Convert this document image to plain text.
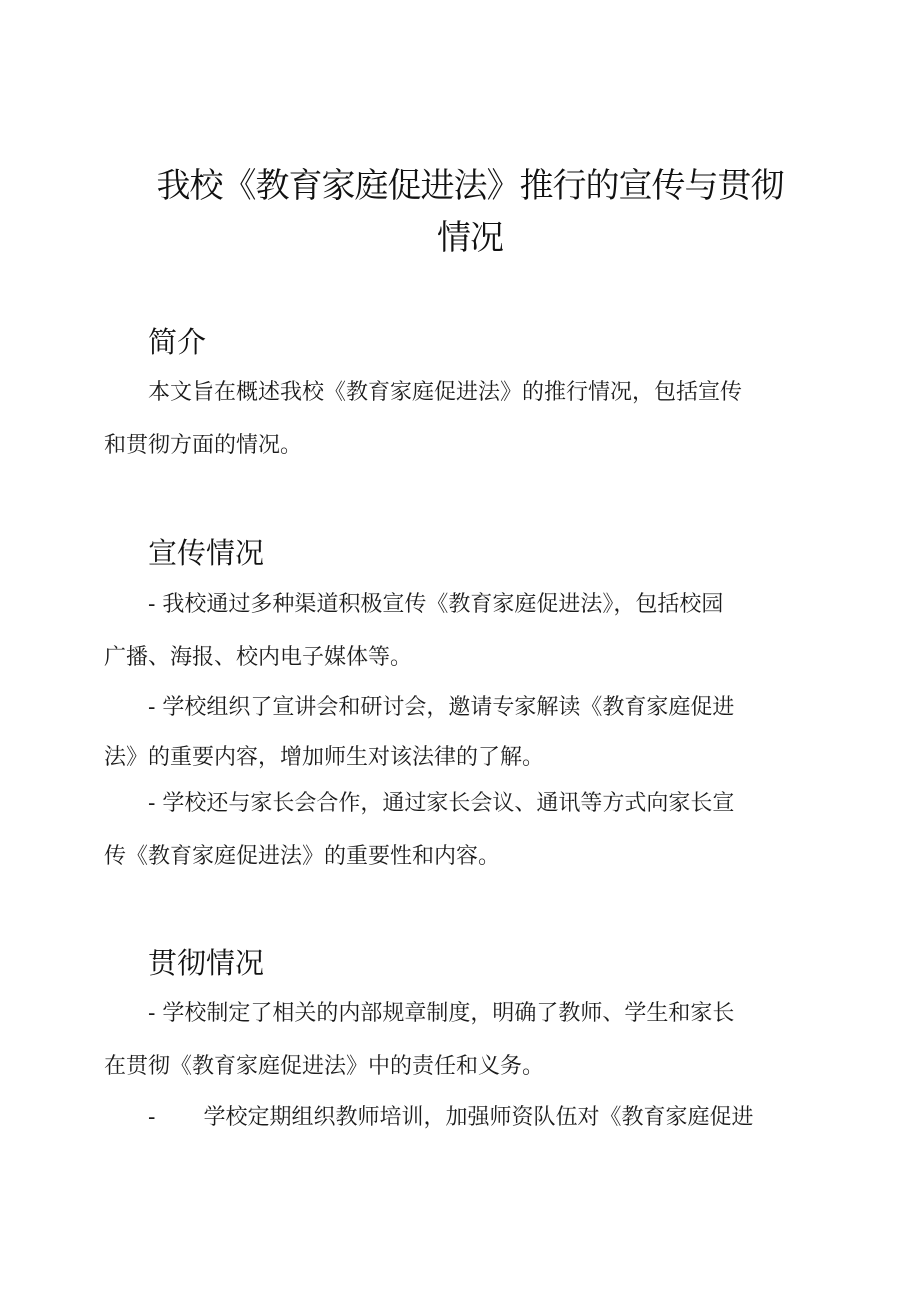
我校《教育家庭促进法》推行的宣传与贯彻
情况
简介
本文旨在概述我校《教育家庭促进法》的推行情况，包括宣传
和贯彻方面的情况。
宣传情况
- 我校通过多种渠道积极宣传《教育家庭促进法》，包括校园
广播、海报、校内电子媒体等。
- 学校组织了宣讲会和研讨会，邀请专家解读《教育家庭促进
法》的重要内容，增加师生对该法律的了解。
- 学校还与家长会合作，通过家长会议、通讯等方式向家长宣
传《教育家庭促进法》的重要性和内容。
贯彻情况
- 学校制定了相关的内部规章制度，明确了教师、学生和家长
在贯彻《教育家庭促进法》中的责任和义务。
- 学校定期组织教师培训，加强师资队伍对《教育家庭促进
